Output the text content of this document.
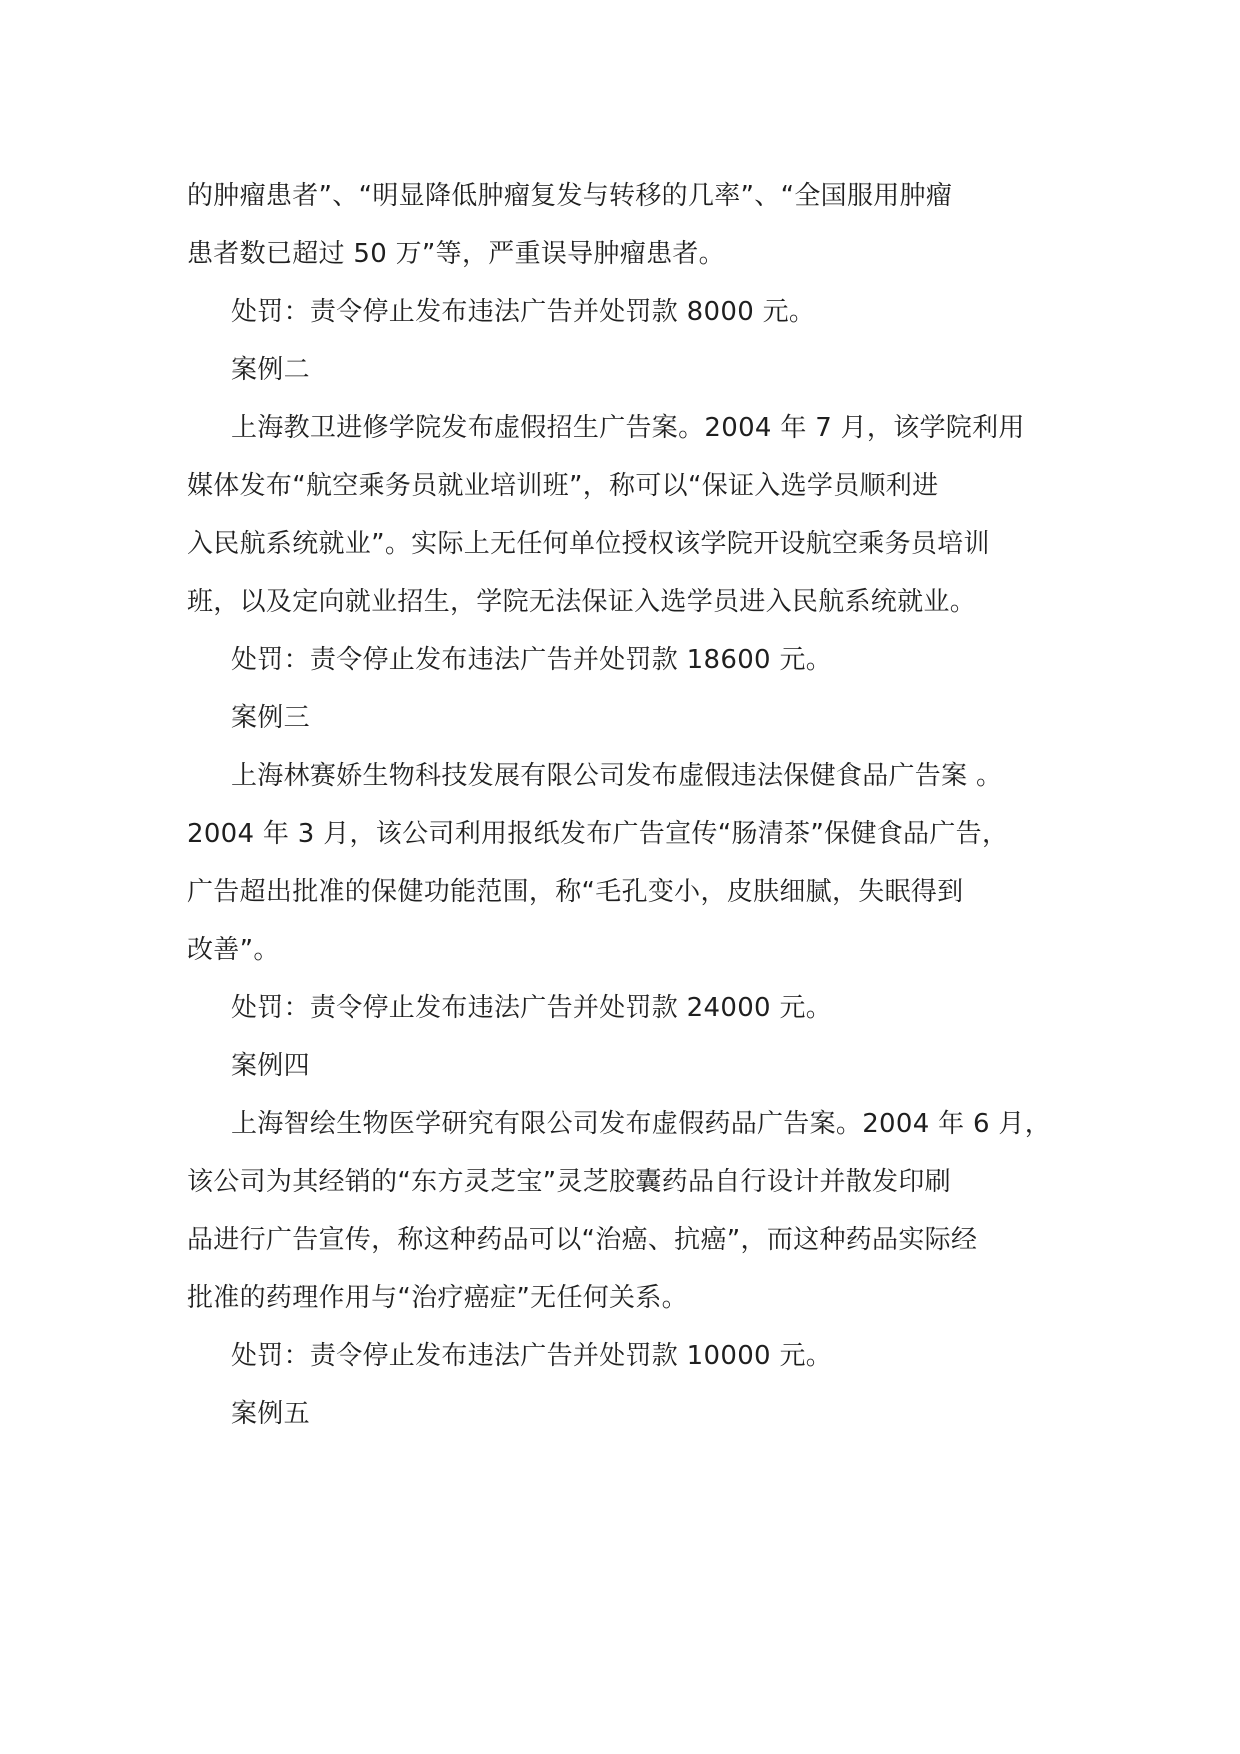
的肿瘤患者”、“明显降低肿瘤复发与转移的几率”、“全国服用肿瘤
患者数已超过 50 万”等，严重误导肿瘤患者。
处罚：责令停止发布违法广告并处罚款 8000 元。
案例二
上海教卫进修学院发布虚假招生广告案。2004 年 7 月，该学院利用
媒体发布“航空乘务员就业培训班”，称可以“保证入选学员顺利进
入民航系统就业”。实际上无任何单位授权该学院开设航空乘务员培训
班，以及定向就业招生，学院无法保证入选学员进入民航系统就业。
处罚：责令停止发布违法广告并处罚款 18600 元。
案例三
上海林赛娇生物科技发展有限公司发布虚假违法保健食品广告案 。
2004 年 3 月，该公司利用报纸发布广告宣传“肠清茶”保健食品广告，
广告超出批准的保健功能范围，称“毛孔变小，皮肤细腻，失眠得到
改善”。
处罚：责令停止发布违法广告并处罚款 24000 元。
案例四
上海智绘生物医学研究有限公司发布虚假药品广告案。2004 年 6 月，
该公司为其经销的“东方灵芝宝”灵芝胶囊药品自行设计并散发印刷
品进行广告宣传，称这种药品可以“治癌、抗癌”，而这种药品实际经
批准的药理作用与“治疗癌症”无任何关系。
处罚：责令停止发布违法广告并处罚款 10000 元。
案例五
